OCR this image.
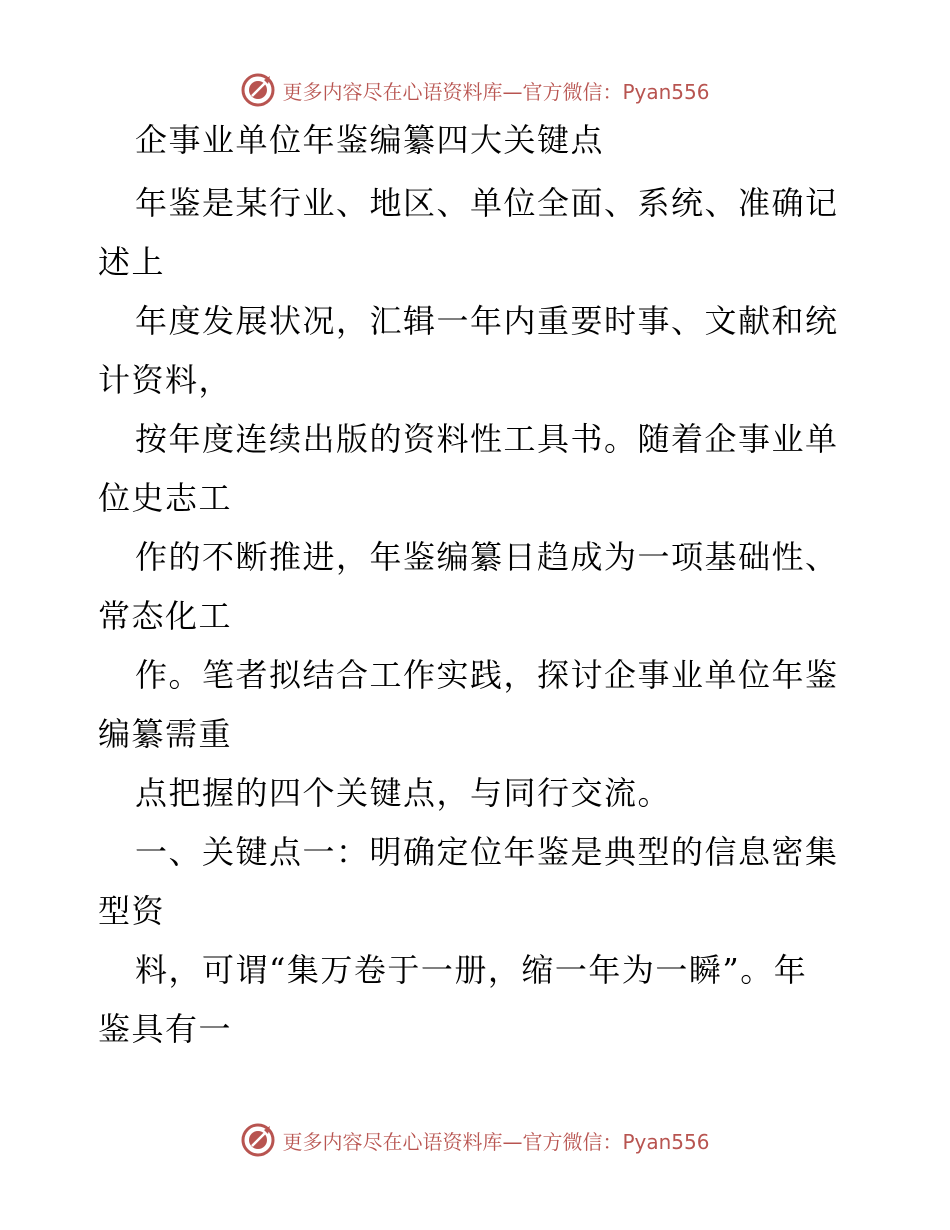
更多内容尽在心语资料库—官方微信：Pyan556
企事业单位年鉴编纂四大关键点
年鉴是某行业、地区、单位全面、系统、准确记
述上
年度发展状况，汇辑一年内重要时事、文献和统
计资料，
按年度连续出版的资料性工具书。随着企事业单
位史志工
作的不断推进，年鉴编纂日趋成为一项基础性、
常态化工
作。笔者拟结合工作实践，探讨企事业单位年鉴
编纂需重
点把握的四个关键点，与同行交流。
一、关键点一：明确定位年鉴是典型的信息密集
型资
料，可谓“集万卷于一册，缩一年为一瞬”。年
鉴具有一
更多内容尽在心语资料库—官方微信：Pyan556
